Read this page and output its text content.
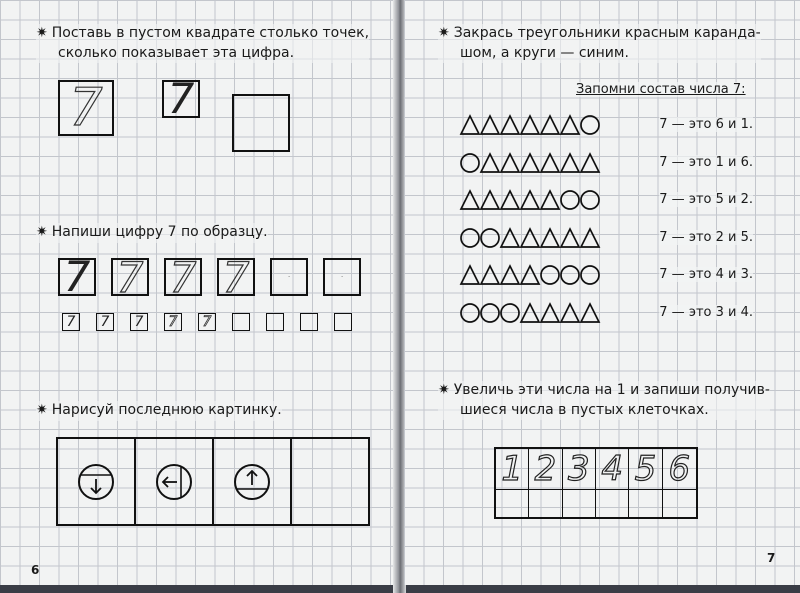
✷ Поставь в пустом квадрате столько точек,
сколько показывает эта цифра.
7 7
✷ Напиши цифру 7 по образцу.
7 7 7 7	·	·
7 7 7 7 7
✷ Нарисуй последнюю картинку.
6
✷ Закрась треугольники красным каранда-
шом, а круги — синим.
Запомни состав числа 7:
7 — это 6 и 1.
7 — это 1 и 6.
7 — это 5 и 2.
7 — это 2 и 5.
7 — это 4 и 3.
7 — это 3 и 4.
✷ Увеличь эти числа на 1 и запиши получив-
шиеся числа в пустых клеточках.
1 2 3 4 5 6
7
